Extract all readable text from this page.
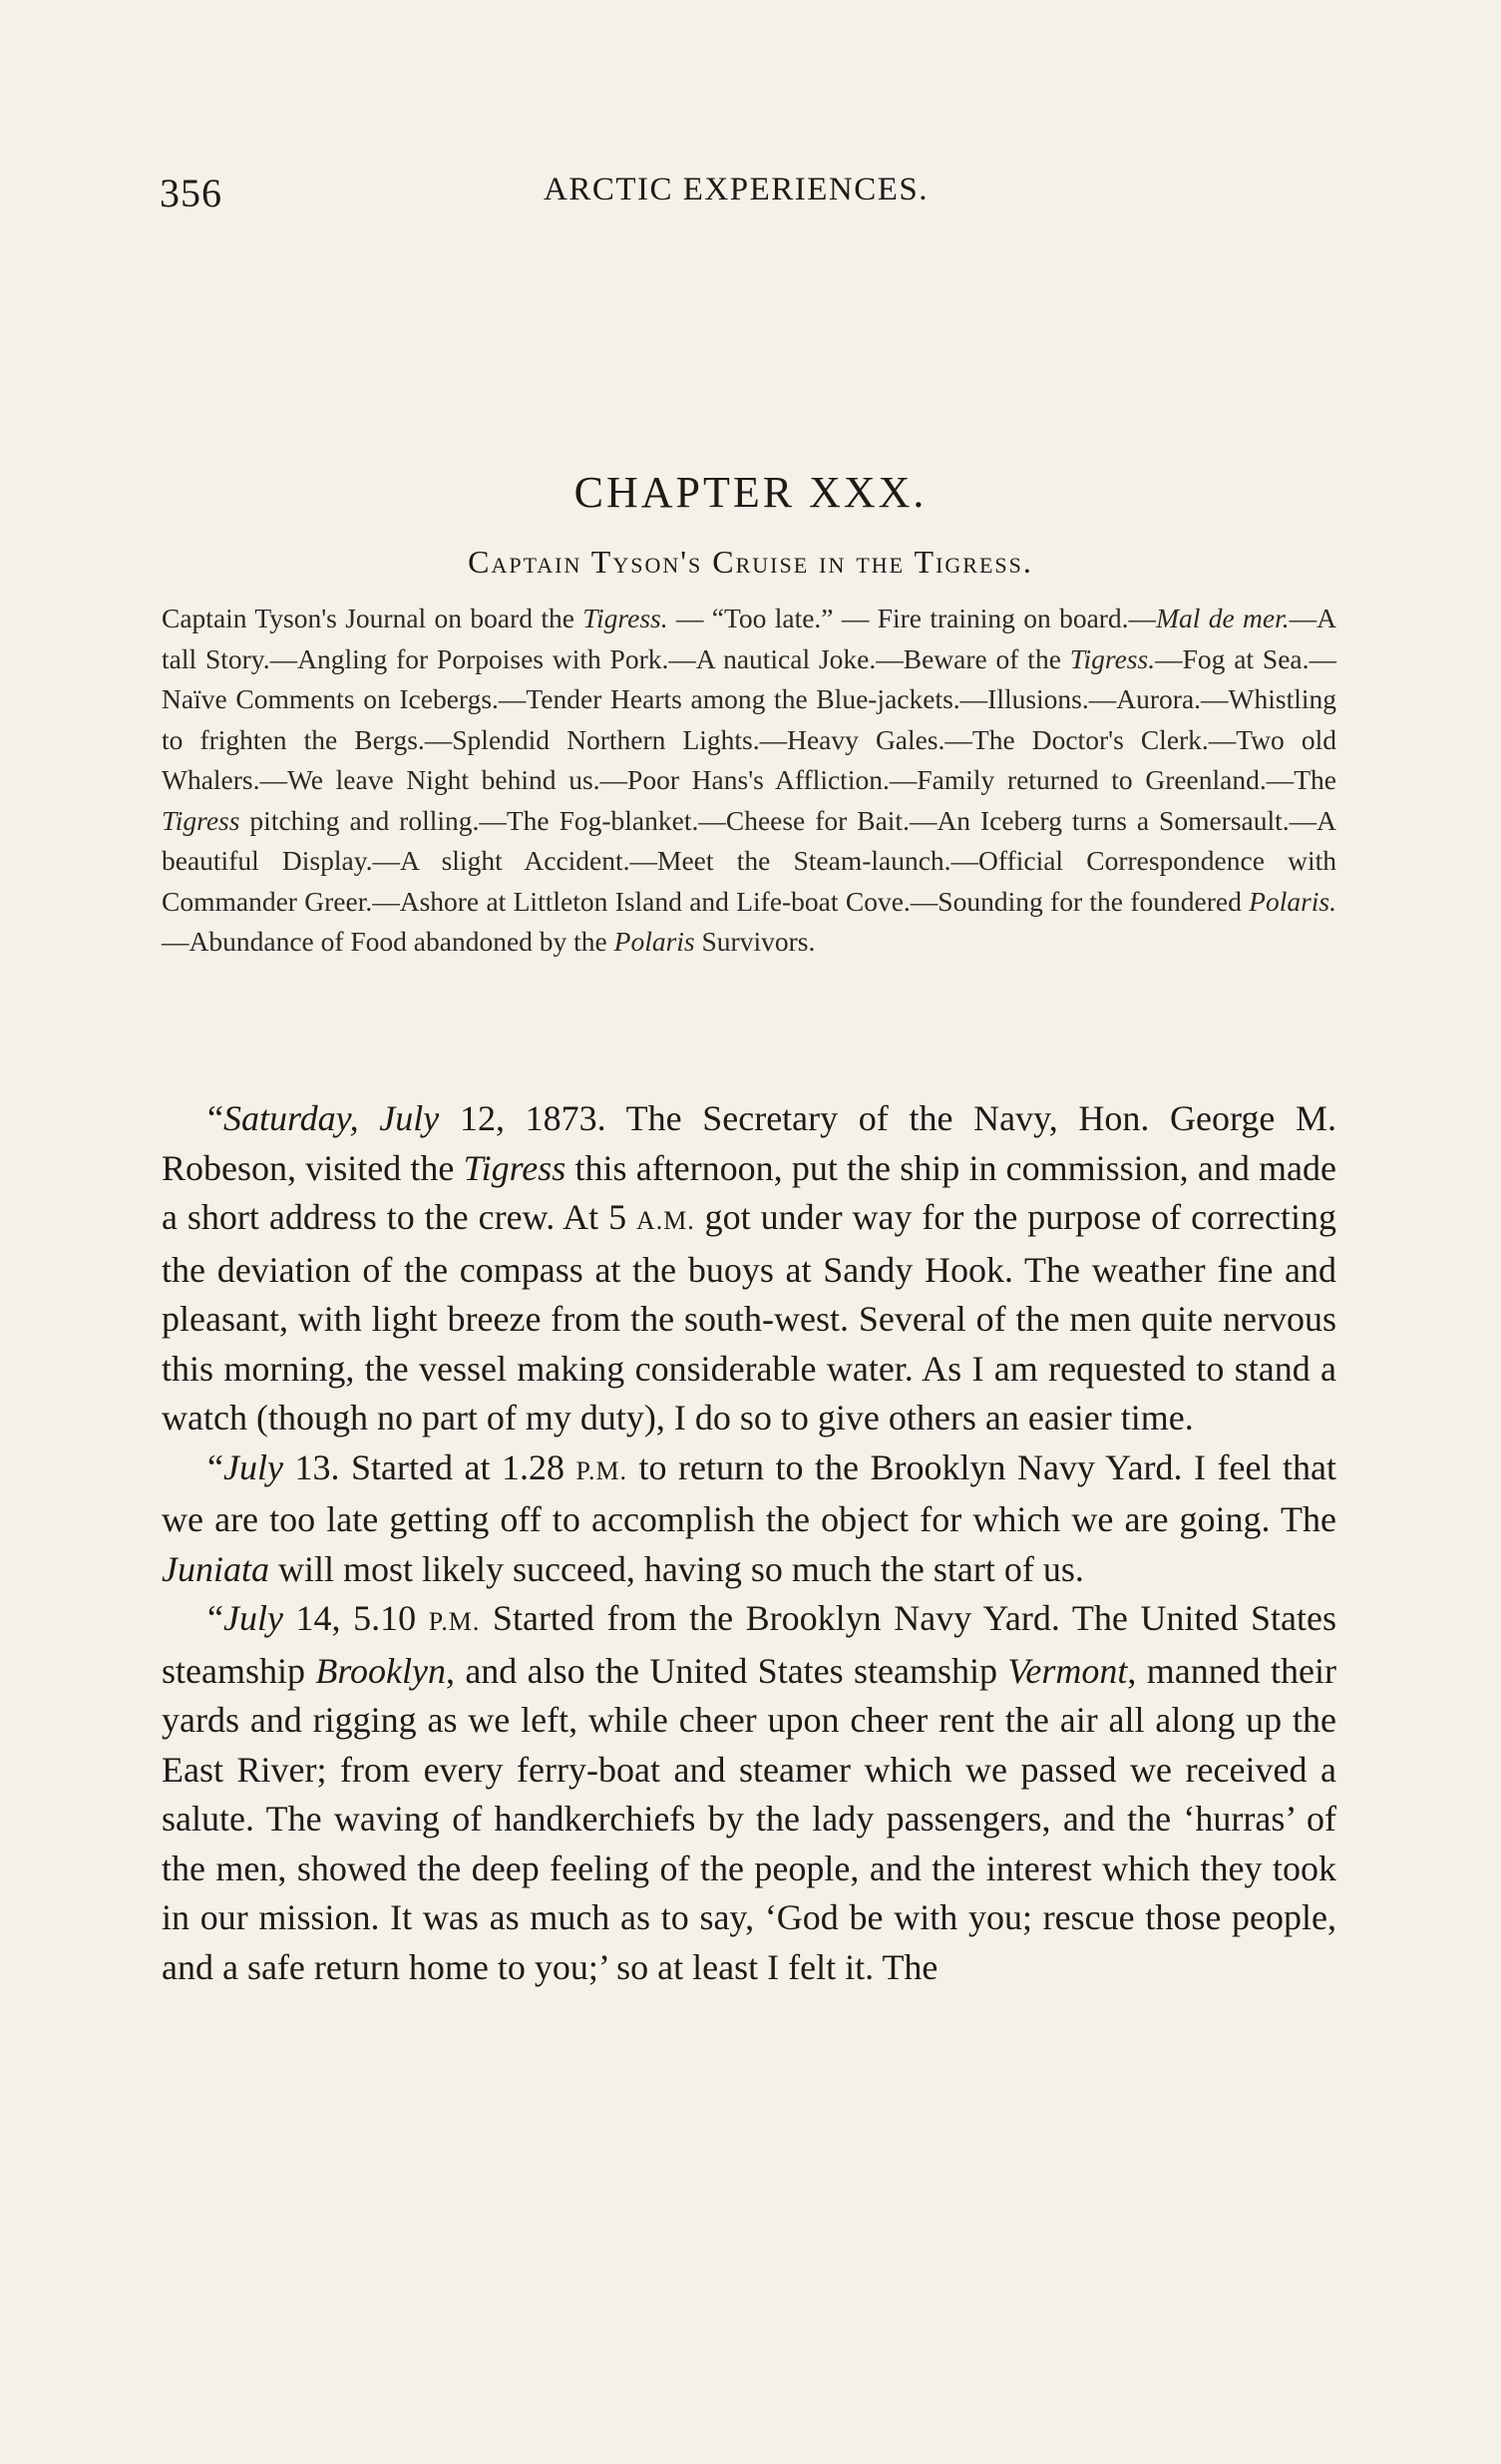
356	ARCTIC EXPERIENCES.
CHAPTER XXX.
Captain Tyson's Cruise in the Tigress.

Captain Tyson's Journal on board the Tigress. — “Too late.” — Fire training on board.—Mal de mer.—A tall Story.—Angling for Porpoises with Pork.—A nautical Joke.—Beware of the Tigress.—Fog at Sea.—Naïve Comments on Icebergs.—Tender Hearts among the Blue-jackets.—Illusions.—Aurora.—Whistling to frighten the Bergs.—Splendid Northern Lights.—Heavy Gales.—The Doctor's Clerk.—Two old Whalers.—We leave Night behind us.—Poor Hans's Affliction.—Family returned to Greenland.—The Tigress pitching and rolling.—The Fog-blanket.—Cheese for Bait.—An Iceberg turns a Somersault.—A beautiful Display.—A slight Accident.—Meet the Steam-launch.—Official Correspondence with Commander Greer.—Ashore at Littleton Island and Life-boat Cove.—Sounding for the foundered Polaris.—Abundance of Food abandoned by the Polaris Survivors.

“Saturday, July 12, 1873. The Secretary of the Navy, Hon. George M. Robeson, visited the Tigress this afternoon, put the ship in commission, and made a short address to the crew. At 5 A.M. got under way for the purpose of correcting the deviation of the compass at the buoys at Sandy Hook. The weather fine and pleasant, with light breeze from the south-west. Several of the men quite nervous this morning, the vessel making considerable water. As I am requested to stand a watch (though no part of my duty), I do so to give others an easier time.

“July 13. Started at 1.28 P.M. to return to the Brooklyn Navy Yard. I feel that we are too late getting off to accomplish the object for which we are going. The Juniata will most likely succeed, having so much the start of us.

“July 14, 5.10 P.M. Started from the Brooklyn Navy Yard. The United States steamship Brooklyn, and also the United States steamship Vermont, manned their yards and rigging as we left, while cheer upon cheer rent the air all along up the East River; from every ferry-boat and steamer which we passed we received a salute. The waving of handkerchiefs by the lady passengers, and the ‘hurras’ of the men, showed the deep feeling of the people, and the interest which they took in our mission. It was as much as to say, ‘God be with you; rescue those people, and a safe return home to you;’ so at least I felt it. The
